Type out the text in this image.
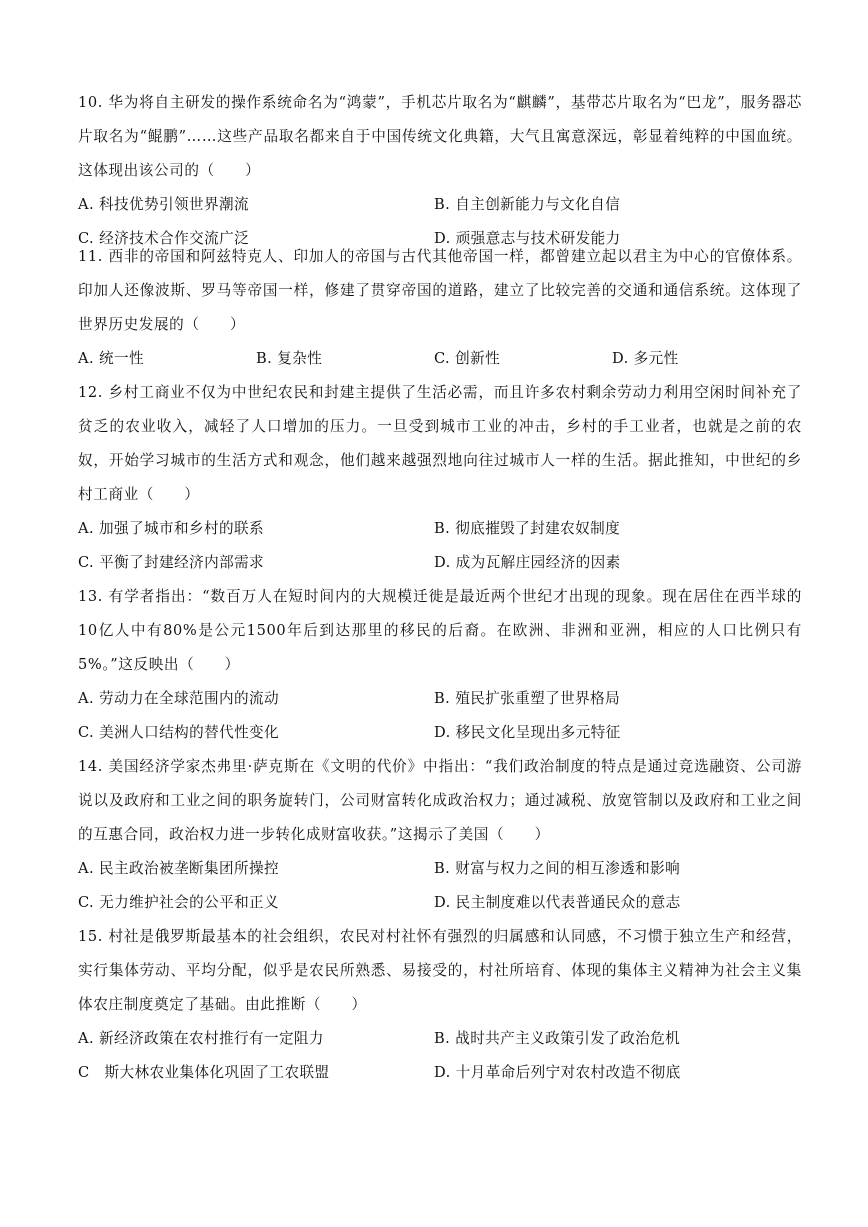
10. 华为将自主研发的操作系统命名为“鸿蒙”，手机芯片取名为“麒麟”，基带芯片取名为“巴龙”，服务器芯片取名为“鲲鹏”……这些产品取名都来自于中国传统文化典籍，大气且寓意深远，彰显着纯粹的中国血统。这体现出该公司的（　　）

A. 科技优势引领世界潮流	B. 自主创新能力与文化自信
C. 经济技术合作交流广泛	D. 顽强意志与技术研发能力

11. 西非的帝国和阿兹特克人、印加人的帝国与古代其他帝国一样，都曾建立起以君主为中心的官僚体系。印加人还像波斯、罗马等帝国一样，修建了贯穿帝国的道路，建立了比较完善的交通和通信系统。这体现了世界历史发展的（　　）

A. 统一性	B. 复杂性	C. 创新性	D. 多元性

12. 乡村工商业不仅为中世纪农民和封建主提供了生活必需，而且许多农村剩余劳动力利用空闲时间补充了贫乏的农业收入，减轻了人口增加的压力。一旦受到城市工业的冲击，乡村的手工业者，也就是之前的农奴，开始学习城市的生活方式和观念，他们越来越强烈地向往过城市人一样的生活。据此推知，中世纪的乡村工商业（　　）

A. 加强了城市和乡村的联系	B. 彻底摧毁了封建农奴制度
C. 平衡了封建经济内部需求	D. 成为瓦解庄园经济的因素

13. 有学者指出：“数百万人在短时间内的大规模迁徙是最近两个世纪才出现的现象。现在居住在西半球的10亿人中有80%是公元1500年后到达那里的移民的后裔。在欧洲、非洲和亚洲，相应的人口比例只有5%。”这反映出（　　）

A. 劳动力在全球范围内的流动	B. 殖民扩张重塑了世界格局
C. 美洲人口结构的替代性变化	D. 移民文化呈现出多元特征

14. 美国经济学家杰弗里·萨克斯在《文明的代价》中指出：“我们政治制度的特点是通过竞选融资、公司游说以及政府和工业之间的职务旋转门，公司财富转化成政治权力；通过减税、放宽管制以及政府和工业之间的互惠合同，政治权力进一步转化成财富收获。”这揭示了美国（　　）

A. 民主政治被垄断集团所操控	B. 财富与权力之间的相互渗透和影响
C. 无力维护社会的公平和正义	D. 民主制度难以代表普通民众的意志

15. 村社是俄罗斯最基本的社会组织，农民对村社怀有强烈的归属感和认同感，不习惯于独立生产和经营，实行集体劳动、平均分配，似乎是农民所熟悉、易接受的，村社所培育、体现的集体主义精神为社会主义集体农庄制度奠定了基础。由此推断（　　）

A. 新经济政策在农村推行有一定阻力	B. 战时共产主义政策引发了政治危机
C　斯大林农业集体化巩固了工农联盟	D. 十月革命后列宁对农村改造不彻底
